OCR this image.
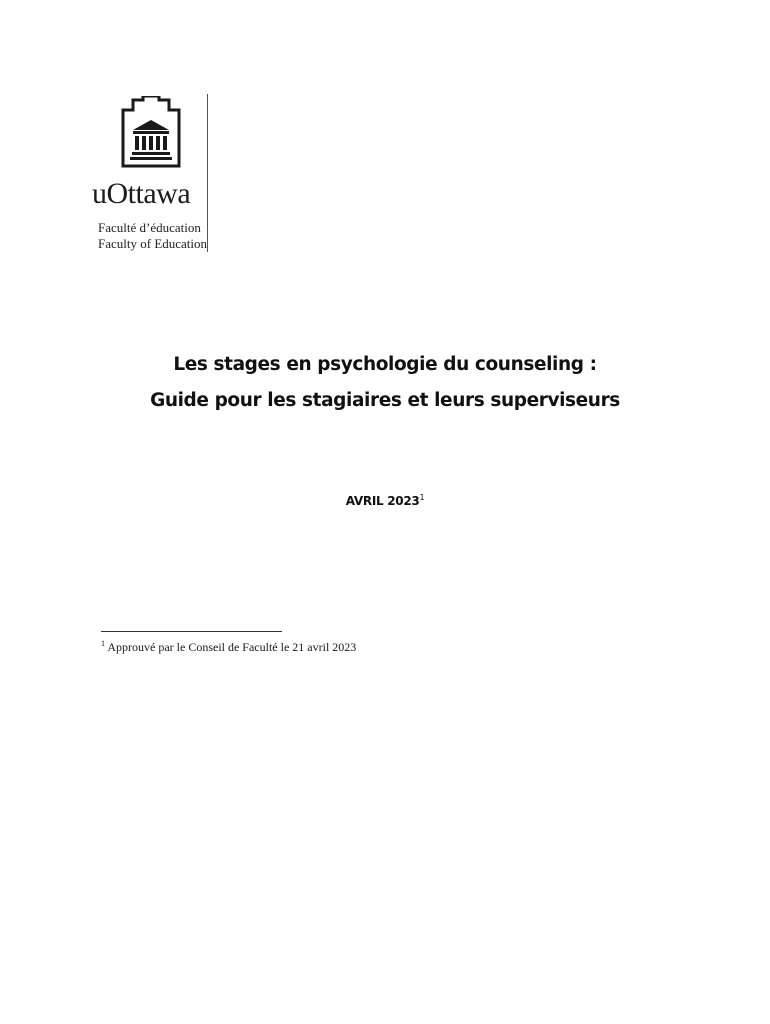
uOttawa
Faculté d’éducation
Faculty of Education
Les stages en psychologie du counseling :
Guide pour les stagiaires et leurs superviseurs
AVRIL 2023$^1$
$^1$ Approuvé par le Conseil de Faculté le 21 avril 2023
